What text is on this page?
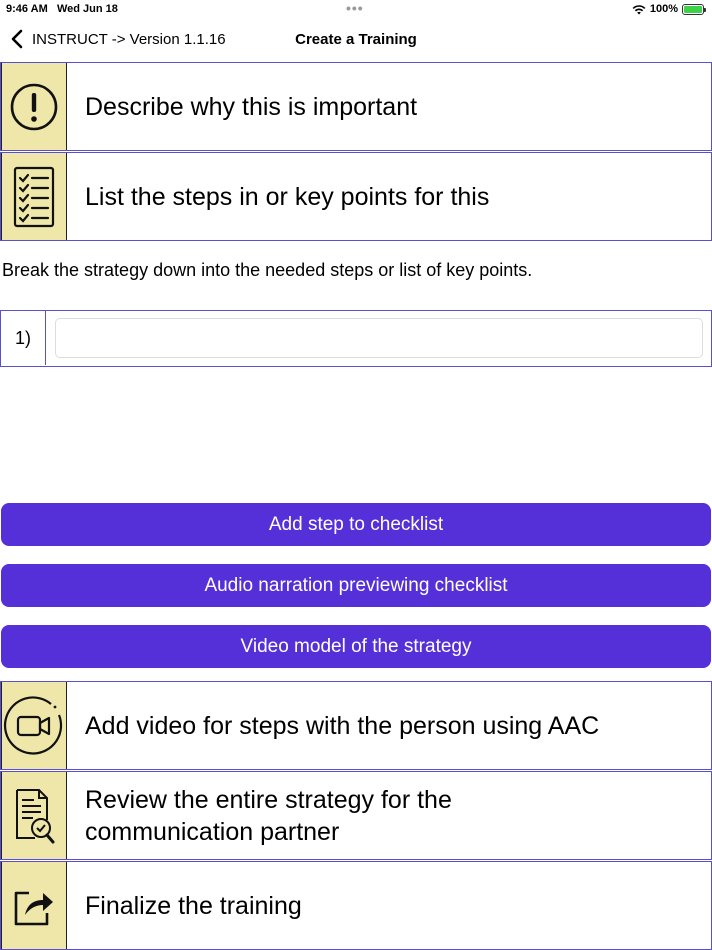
9:46 AM Wed Jun 18	•••	100%
INSTRUCT -> Version 1.1.16	Create a Training
Describe why this is important
List the steps in or key points for this
Break the strategy down into the needed steps or list of key points.
1)
Add step to checklist
Audio narration previewing checklist
Video model of the strategy
Add video for steps with the person using AAC
Review the entire strategy for the
communication partner
Finalize the training
